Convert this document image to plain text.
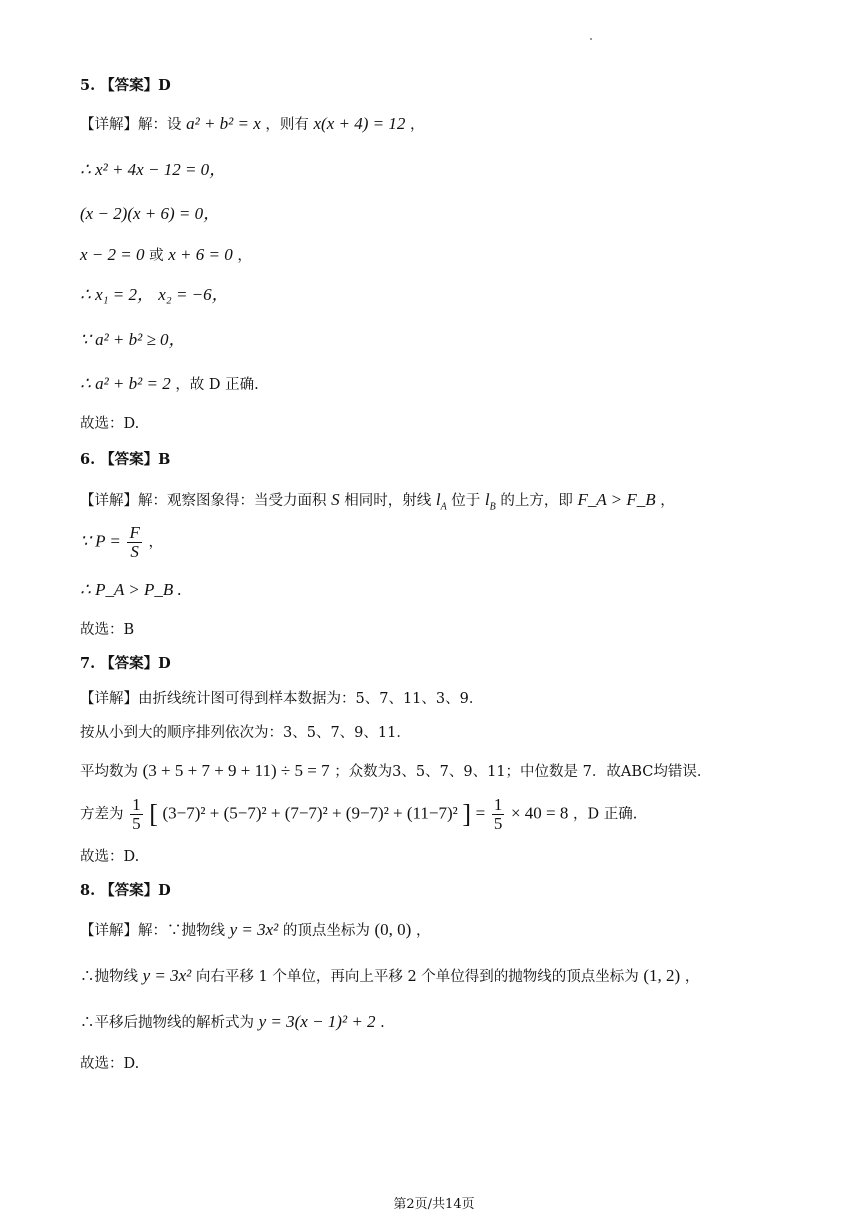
5. 【答案】D
【详解】解：设 a² + b² = x ，则有 x(x + 4) = 12 ，
∴ x² + 4x − 12 = 0，
(x − 2)(x + 6) = 0，
x − 2 = 0 或 x + 6 = 0 ，
∴ x₁ = 2， x₂ = −6，
∵ a² + b² ≥ 0，
∴ a² + b² = 2 ，故 D 正确.
故选：D.
6. 【答案】B
【详解】解：观察图象得：当受力面积 S 相同时，射线 $l_A$ 位于 $l_B$ 的上方，即 F_A > F_B ，
∵ $P = \frac{F}{S}$ ，
∴ P_A > P_B .
故选：B
7. 【答案】D
【详解】由折线统计图可得到样本数据为：5、7、11、3、9．
按从小到大的顺序排列依次为：3、5、7、9、11．
平均数为 (3 + 5 + 7 + 9 + 11) ÷ 5 = 7 ；众数为3、5、7、9、11；中位数是 7．故ABC均错误．
方差为 $\frac{1}{5}$ [ (3−7)² + (5−7)² + (7−7)² + (9−7)² + (11−7)² ] = $\frac{1}{5} \times 40 = 8$ ，D 正确.
故选：D.
8. 【答案】D
【详解】解：∵抛物线 y = 3x² 的顶点坐标为 (0, 0) ，
∴抛物线 y = 3x² 向右平移 1 个单位，再向上平移 2 个单位得到的抛物线的顶点坐标为 (1, 2) ，
∴平移后抛物线的解析式为 y = 3(x − 1)² + 2 .
故选：D.
第2页/共14页
